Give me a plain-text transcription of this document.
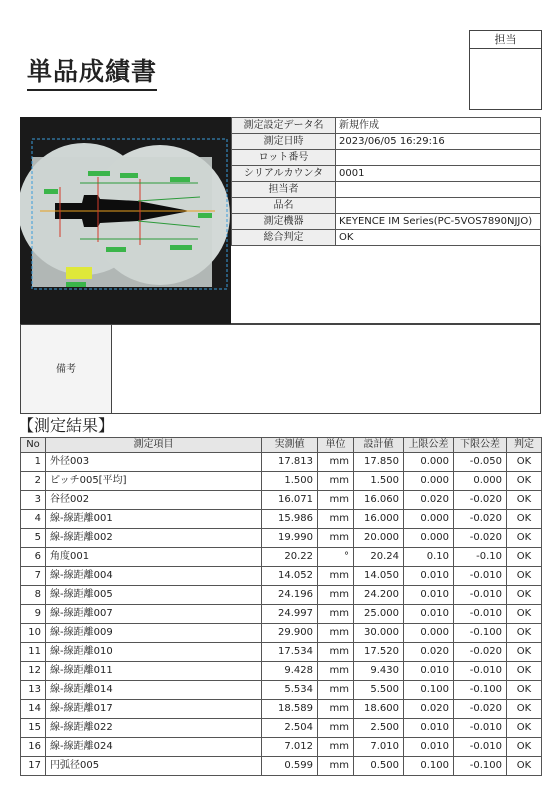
単品成績書
担当
測定設定データ名	新規作成
測定日時	2023/06/05 16:29:16
ロット番号	
シリアルカウンタ	0001
担当者	
品名	
測定機器	KEYENCE IM Series(PC-5VOS7890NJJO)
総合判定	OK
備考
【測定結果】
No	測定項目	実測値	単位	設計値	上限公差	下限公差	判定
1	外径003	17.813	mm	17.850	0.000	-0.050	OK
2	ピッチ005[平均]	1.500	mm	1.500	0.000	0.000	OK
3	谷径002	16.071	mm	16.060	0.020	-0.020	OK
4	線-線距離001	15.986	mm	16.000	0.000	-0.020	OK
5	線-線距離002	19.990	mm	20.000	0.000	-0.020	OK
6	角度001	20.22	°	20.24	0.10	-0.10	OK
7	線-線距離004	14.052	mm	14.050	0.010	-0.010	OK
8	線-線距離005	24.196	mm	24.200	0.010	-0.010	OK
9	線-線距離007	24.997	mm	25.000	0.010	-0.010	OK
10	線-線距離009	29.900	mm	30.000	0.000	-0.100	OK
11	線-線距離010	17.534	mm	17.520	0.020	-0.020	OK
12	線-線距離011	9.428	mm	9.430	0.010	-0.010	OK
13	線-線距離014	5.534	mm	5.500	0.100	-0.100	OK
14	線-線距離017	18.589	mm	18.600	0.020	-0.020	OK
15	線-線距離022	2.504	mm	2.500	0.010	-0.010	OK
16	線-線距離024	7.012	mm	7.010	0.010	-0.010	OK
17	円弧径005	0.599	mm	0.500	0.100	-0.100	OK
